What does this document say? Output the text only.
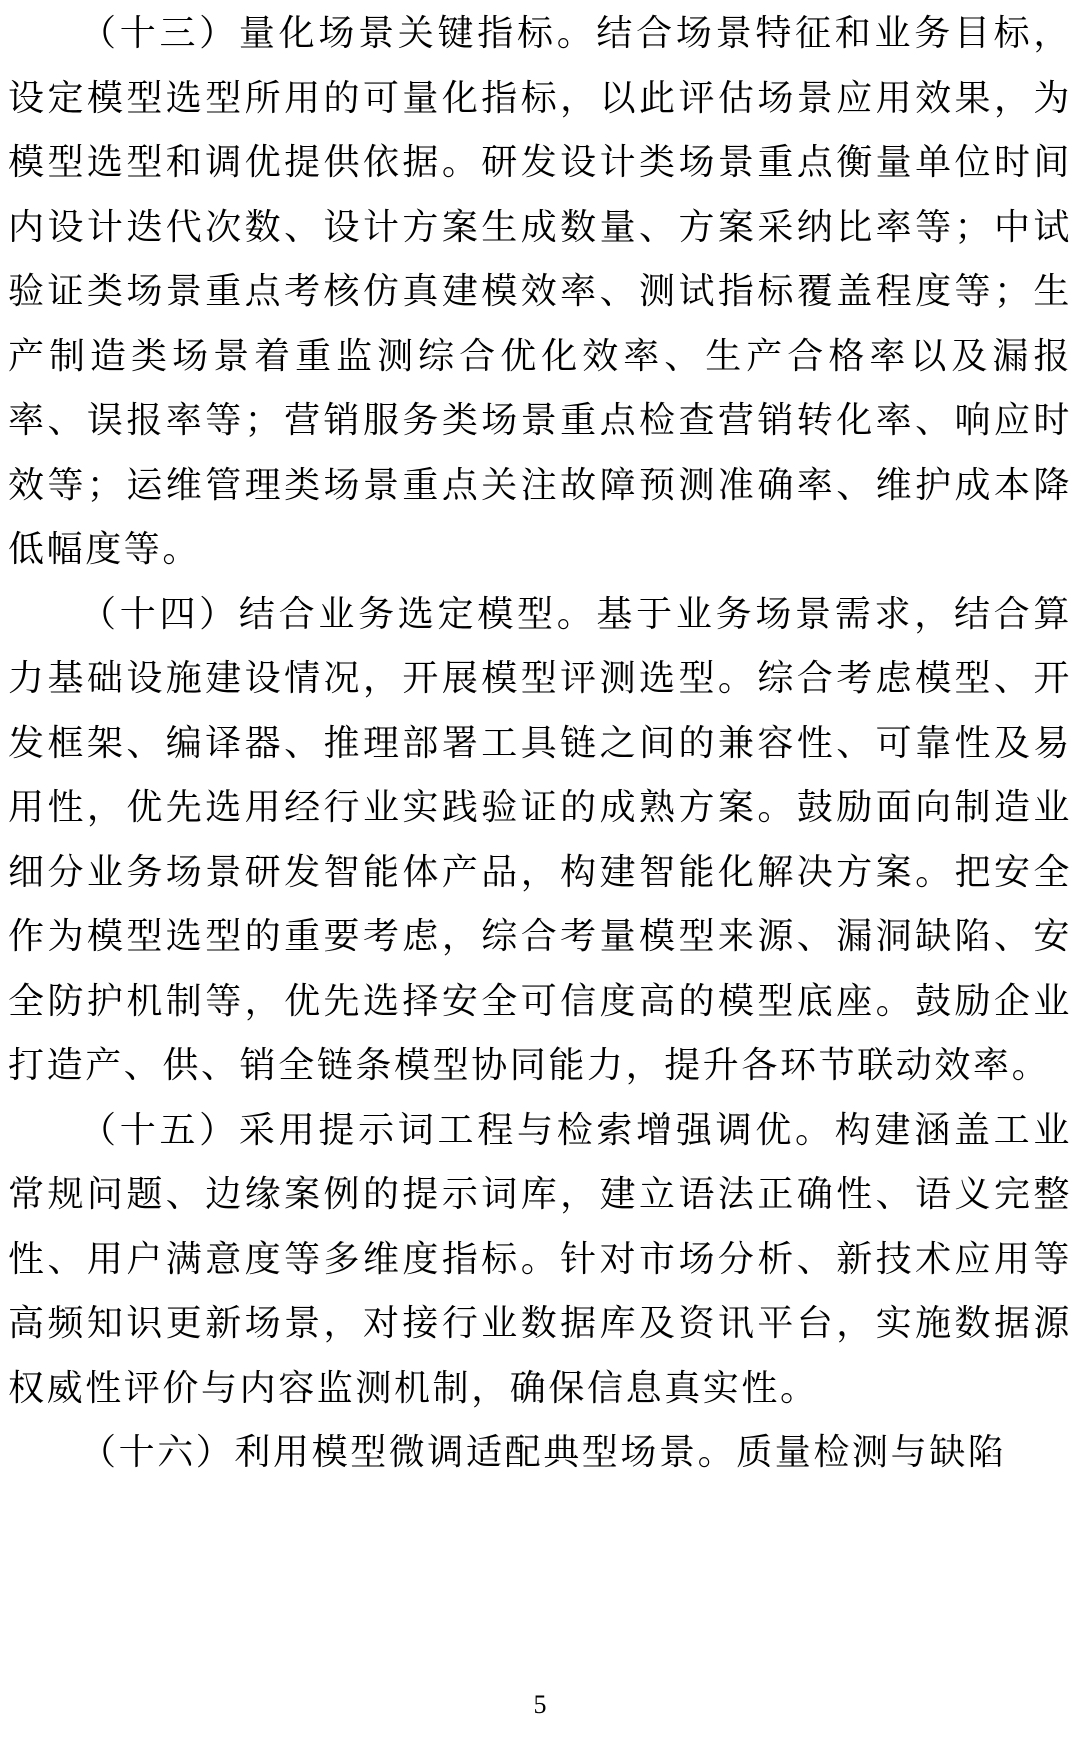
（十三）量化场景关键指标。结合场景特征和业务目标，设定模型选型所用的可量化指标，以此评估场景应用效果，为模型选型和调优提供依据。研发设计类场景重点衡量单位时间内设计迭代次数、设计方案生成数量、方案采纳比率等；中试验证类场景重点考核仿真建模效率、测试指标覆盖程度等；生产制造类场景着重监测综合优化效率、生产合格率以及漏报率、误报率等；营销服务类场景重点检查营销转化率、响应时效等；运维管理类场景重点关注故障预测准确率、维护成本降低幅度等。

（十四）结合业务选定模型。基于业务场景需求，结合算力基础设施建设情况，开展模型评测选型。综合考虑模型、开发框架、编译器、推理部署工具链之间的兼容性、可靠性及易用性，优先选用经行业实践验证的成熟方案。鼓励面向制造业细分业务场景研发智能体产品，构建智能化解决方案。把安全作为模型选型的重要考虑，综合考量模型来源、漏洞缺陷、安全防护机制等，优先选择安全可信度高的模型底座。鼓励企业打造产、供、销全链条模型协同能力，提升各环节联动效率。

（十五）采用提示词工程与检索增强调优。构建涵盖工业常规问题、边缘案例的提示词库，建立语法正确性、语义完整性、用户满意度等多维度指标。针对市场分析、新技术应用等高频知识更新场景，对接行业数据库及资讯平台，实施数据源权威性评价与内容监测机制，确保信息真实性。

（十六）利用模型微调适配典型场景。质量检测与缺陷

5
